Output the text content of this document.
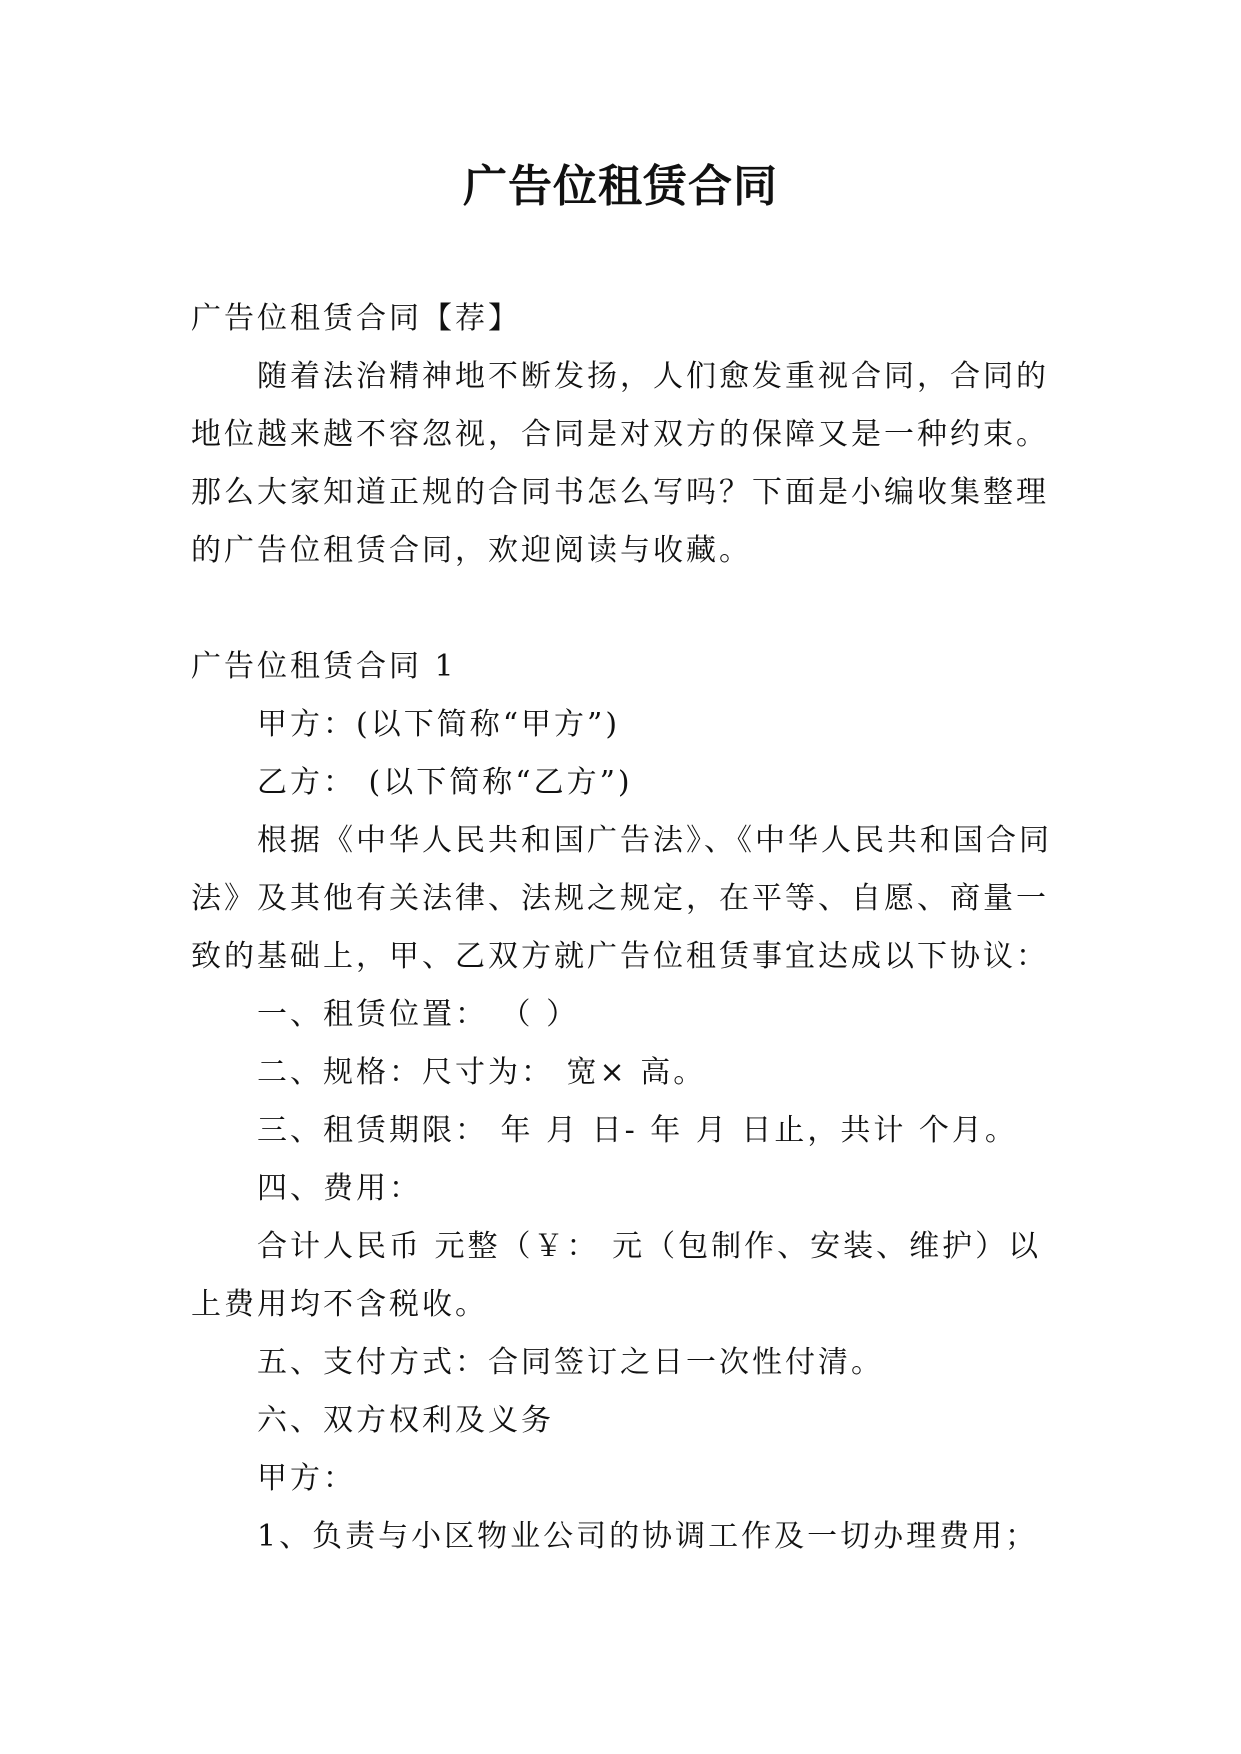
广告位租赁合同

广告位租赁合同【荐】

随着法治精神地不断发扬，人们愈发重视合同，合同的地位越来越不容忽视，合同是对双方的保障又是一种约束。那么大家知道正规的合同书怎么写吗？下面是小编收集整理的广告位租赁合同，欢迎阅读与收藏。

广告位租赁合同 1

甲方：(以下简称“甲方”)

乙方： (以下简称“乙方”)

根据《中华人民共和国广告法》、《中华人民共和国合同法》及其他有关法律、法规之规定，在平等、自愿、商量一致的基础上，甲、乙双方就广告位租赁事宜达成以下协议：

一、租赁位置： （ ）

二、规格：尺寸为： 宽× 高。

三、租赁期限： 年 月 日- 年 月 日止，共计 个月。

四、费用：

合计人民币 元整（￥： 元（包制作、安装、维护）以上费用均不含税收。

五、支付方式：合同签订之日一次性付清。

六、双方权利及义务

甲方：

1、负责与小区物业公司的协调工作及一切办理费用；
